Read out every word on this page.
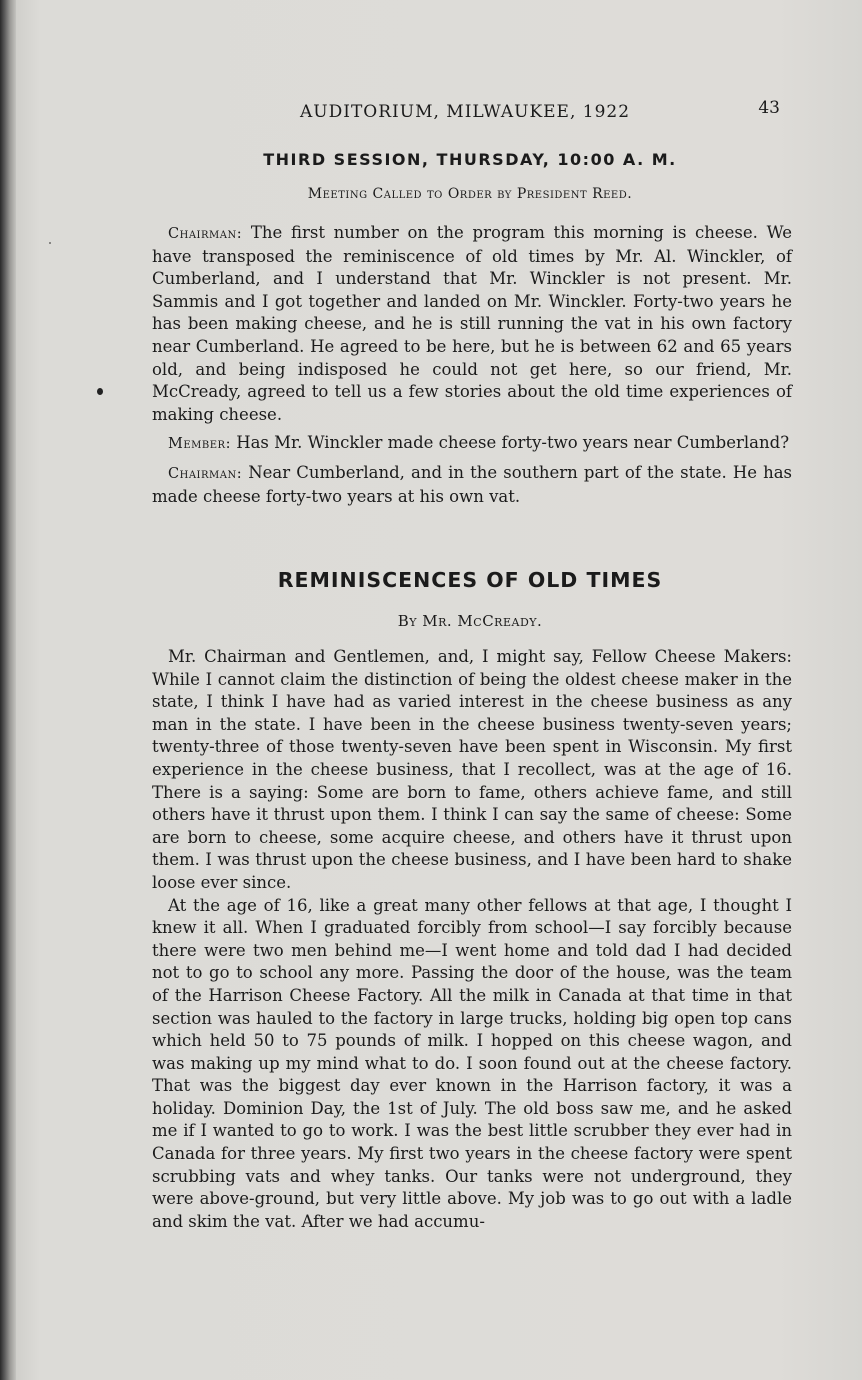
AUDITORIUM, MILWAUKEE, 1922	43
THIRD SESSION, THURSDAY, 10:00 A. M.
Meeting Called to Order by President Reed.

Chairman: The first number on the program this morning is cheese. We have transposed the reminiscence of old times by Mr. Al. Winckler, of Cumberland, and I understand that Mr. Winckler is not present. Mr. Sammis and I got together and landed on Mr. Winckler. Forty-two years he has been making cheese, and he is still running the vat in his own factory near Cumberland. He agreed to be here, but he is between 62 and 65 years old, and being indisposed he could not get here, so our friend, Mr. McCready, agreed to tell us a few stories about the old time experiences of making cheese.

Member: Has Mr. Winckler made cheese forty-two years near Cumberland?

Chairman: Near Cumberland, and in the southern part of the state. He has made cheese forty-two years at his own vat.

REMINISCENCES OF OLD TIMES
By Mr. McCready.

Mr. Chairman and Gentlemen, and, I might say, Fellow Cheese Makers: While I cannot claim the distinction of being the oldest cheese maker in the state, I think I have had as varied interest in the cheese business as any man in the state. I have been in the cheese business twenty-seven years; twenty-three of those twenty-seven have been spent in Wisconsin. My first experience in the cheese business, that I recollect, was at the age of 16. There is a saying: Some are born to fame, others achieve fame, and still others have it thrust upon them. I think I can say the same of cheese: Some are born to cheese, some acquire cheese, and others have it thrust upon them. I was thrust upon the cheese business, and I have been hard to shake loose ever since.

At the age of 16, like a great many other fellows at that age, I thought I knew it all. When I graduated forcibly from school—I say forcibly because there were two men behind me—I went home and told dad I had decided not to go to school any more. Passing the door of the house, was the team of the Harrison Cheese Factory. All the milk in Canada at that time in that section was hauled to the factory in large trucks, holding big open top cans which held 50 to 75 pounds of milk. I hopped on this cheese wagon, and was making up my mind what to do. I soon found out at the cheese factory. That was the biggest day ever known in the Harrison factory, it was a holiday. Dominion Day, the 1st of July. The old boss saw me, and he asked me if I wanted to go to work. I was the best little scrubber they ever had in Canada for three years. My first two years in the cheese factory were spent scrubbing vats and whey tanks. Our tanks were not underground, they were above-ground, but very little above. My job was to go out with a ladle and skim the vat. After we had accumu-
